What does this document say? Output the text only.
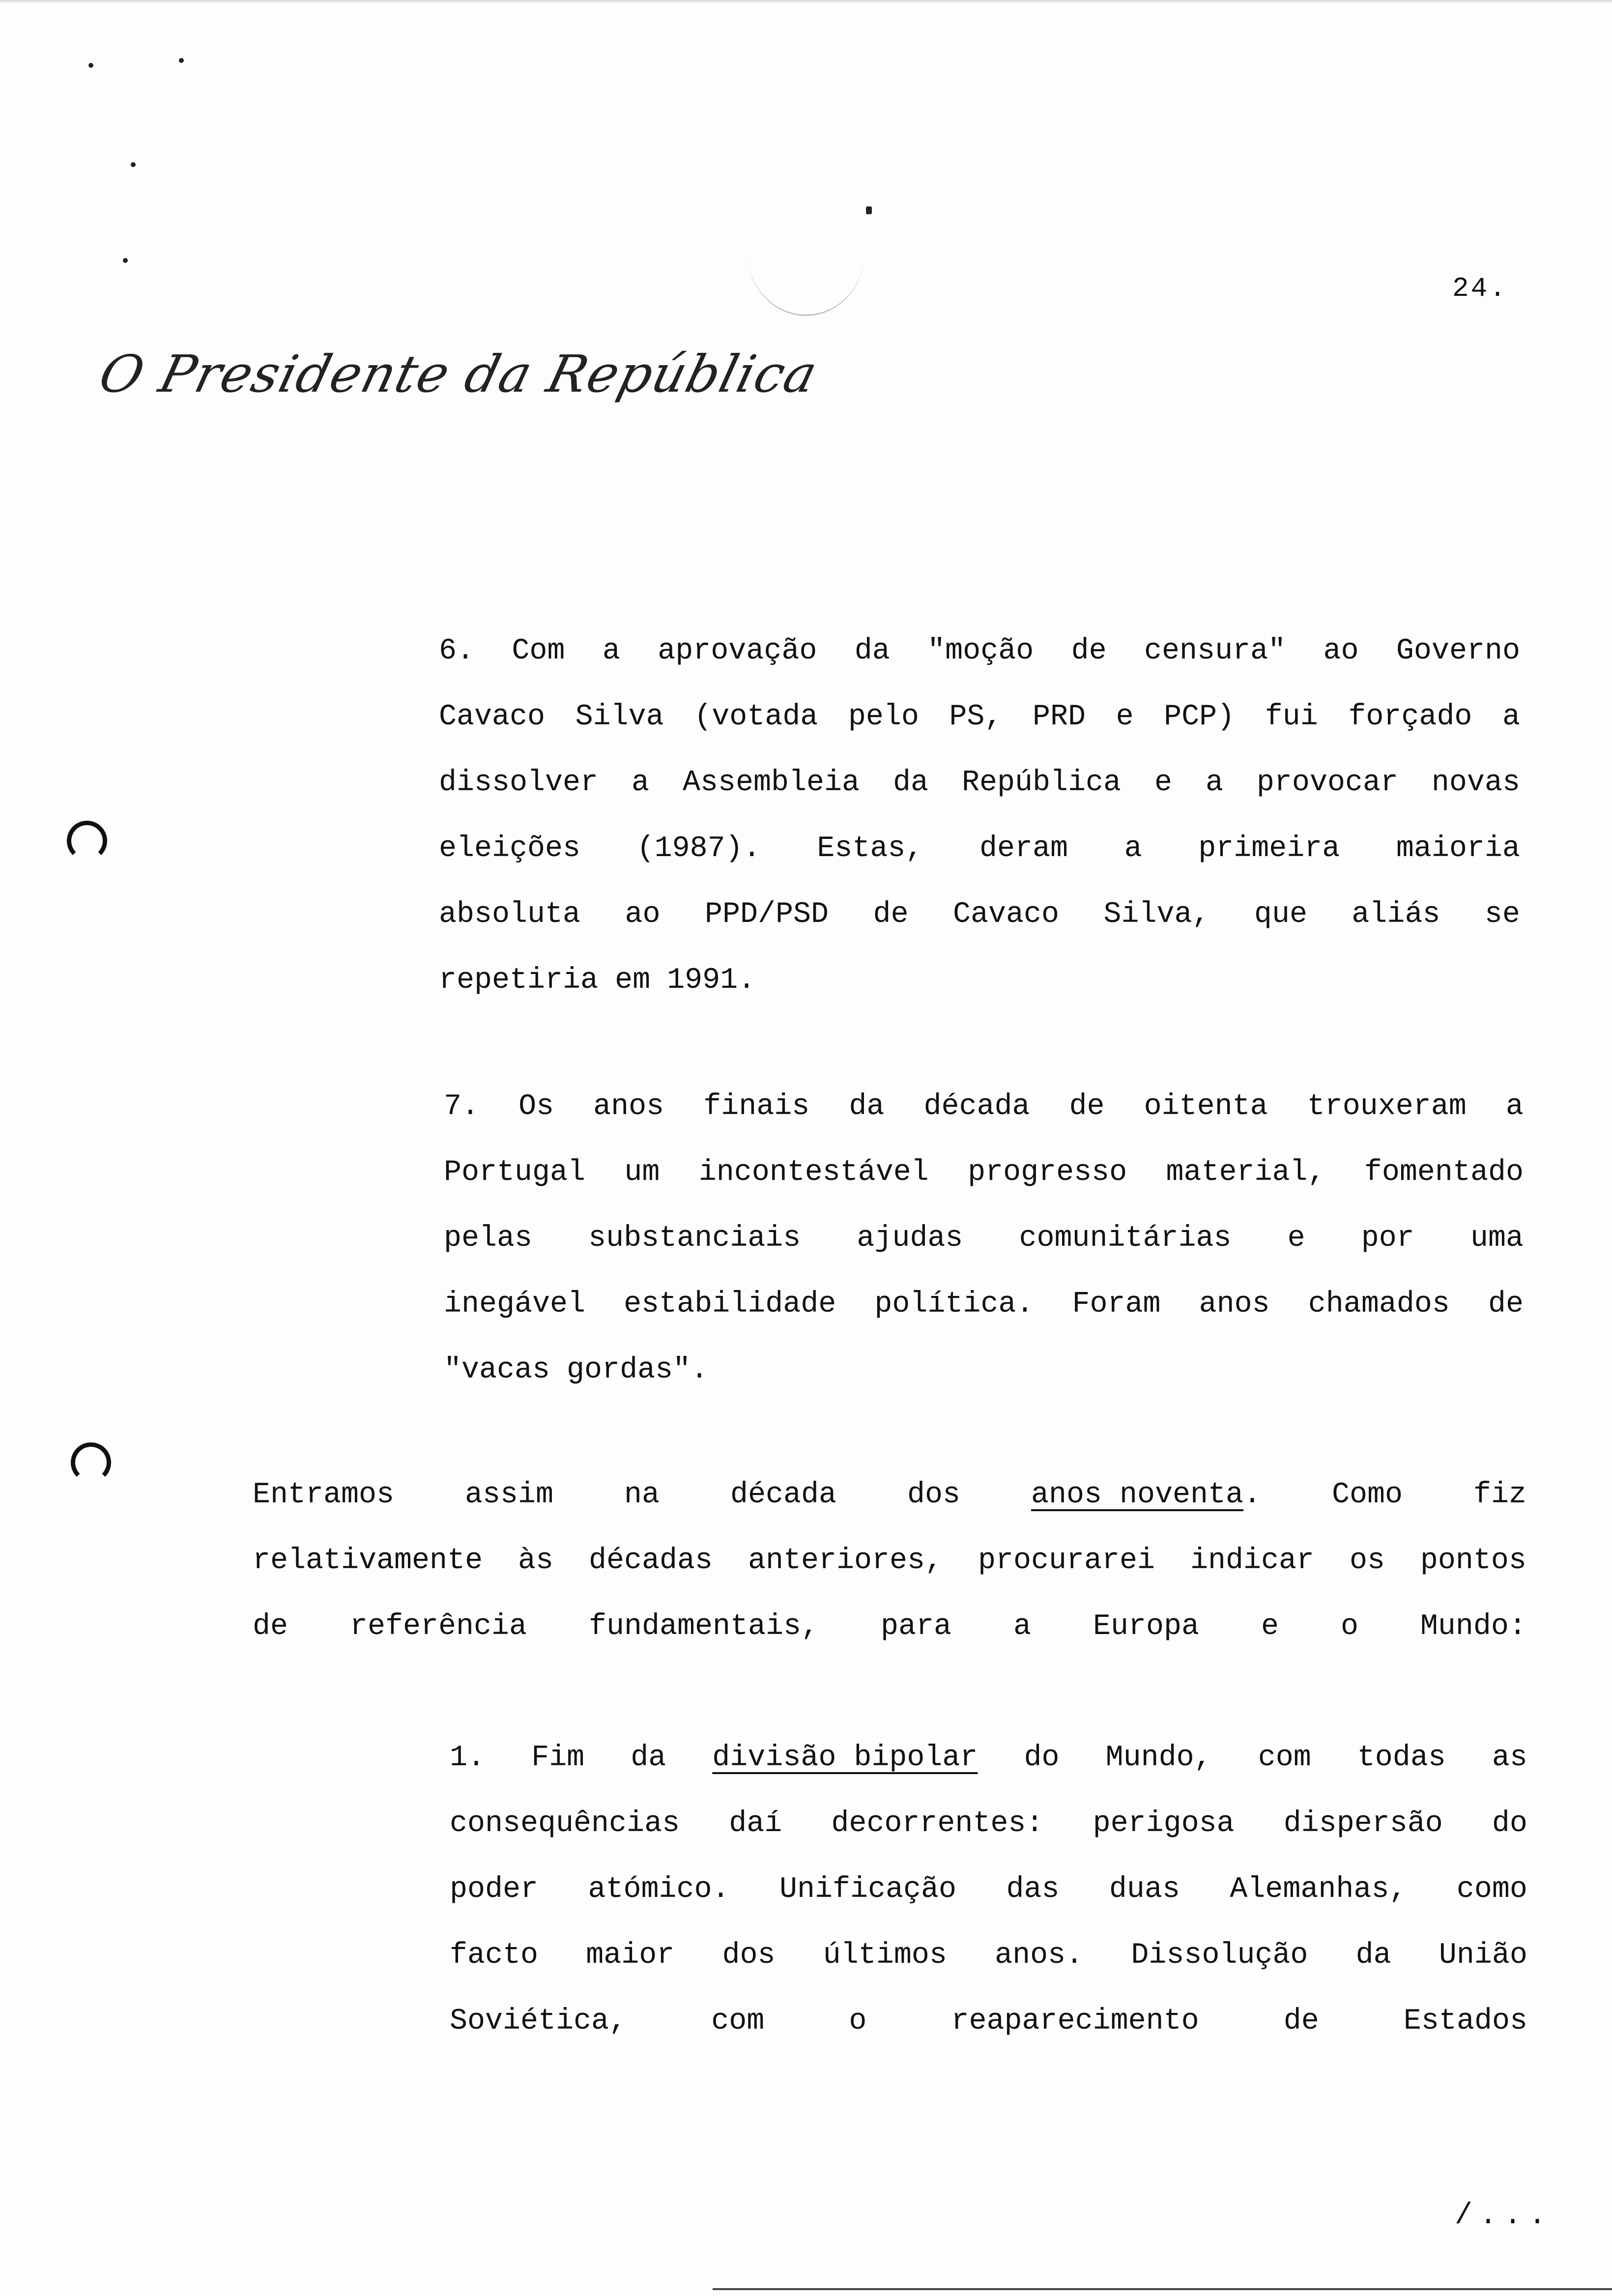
24.
O Presidente da República
6. Com a aprovação da "moção de censura" ao Governo
Cavaco Silva (votada pelo PS, PRD e PCP) fui forçado a
dissolver a Assembleia da República e a provocar novas
eleições (1987). Estas, deram a primeira maioria
absoluta ao PPD/PSD de Cavaco Silva, que aliás se
repetiria em 1991.
7. Os anos finais da década de oitenta trouxeram a
Portugal um incontestável progresso material, fomentado
pelas substanciais ajudas comunitárias e por uma
inegável estabilidade política. Foram anos chamados de
"vacas gordas".
Entramos assim na década dos anos noventa. Como fiz
relativamente às décadas anteriores, procurarei indicar os pontos
de referência fundamentais, para a Europa e o Mundo:
1. Fim da divisão bipolar do Mundo, com todas as
consequências daí decorrentes: perigosa dispersão do
poder atómico. Unificação das duas Alemanhas, como
facto maior dos últimos anos. Dissolução da União
Soviética,	com	o	reaparecimento	de	Estados
/...
